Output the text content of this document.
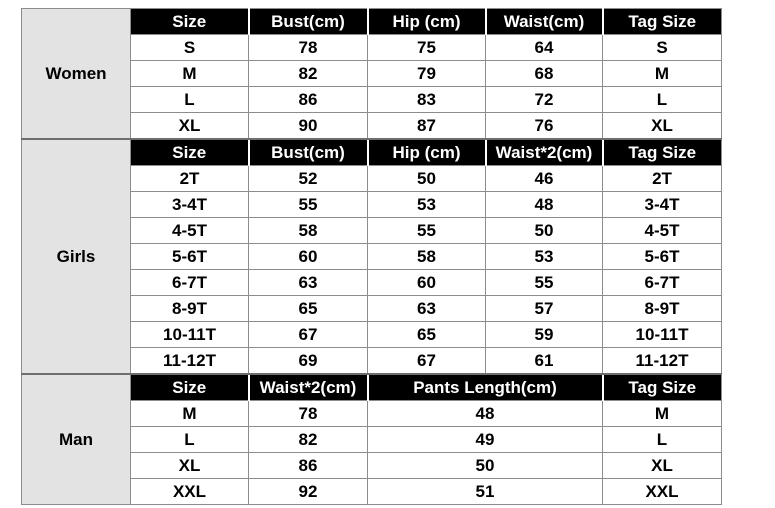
Women	Size	Bust(cm)	Hip (cm)	Waist(cm)	Tag Size
	S	78	75	64	S
	M	82	79	68	M
	L	86	83	72	L
	XL	90	87	76	XL
Girls	Size	Bust(cm)	Hip (cm)	Waist*2(cm)	Tag Size
	2T	52	50	46	2T
	3-4T	55	53	48	3-4T
	4-5T	58	55	50	4-5T
	5-6T	60	58	53	5-6T
	6-7T	63	60	55	6-7T
	8-9T	65	63	57	8-9T
	10-11T	67	65	59	10-11T
	11-12T	69	67	61	11-12T
Man	Size	Waist*2(cm)	Pants Length(cm)		Tag Size
	M	78	48		M
	L	82	49		L
	XL	86	50		XL
	XXL	92	51		XXL
